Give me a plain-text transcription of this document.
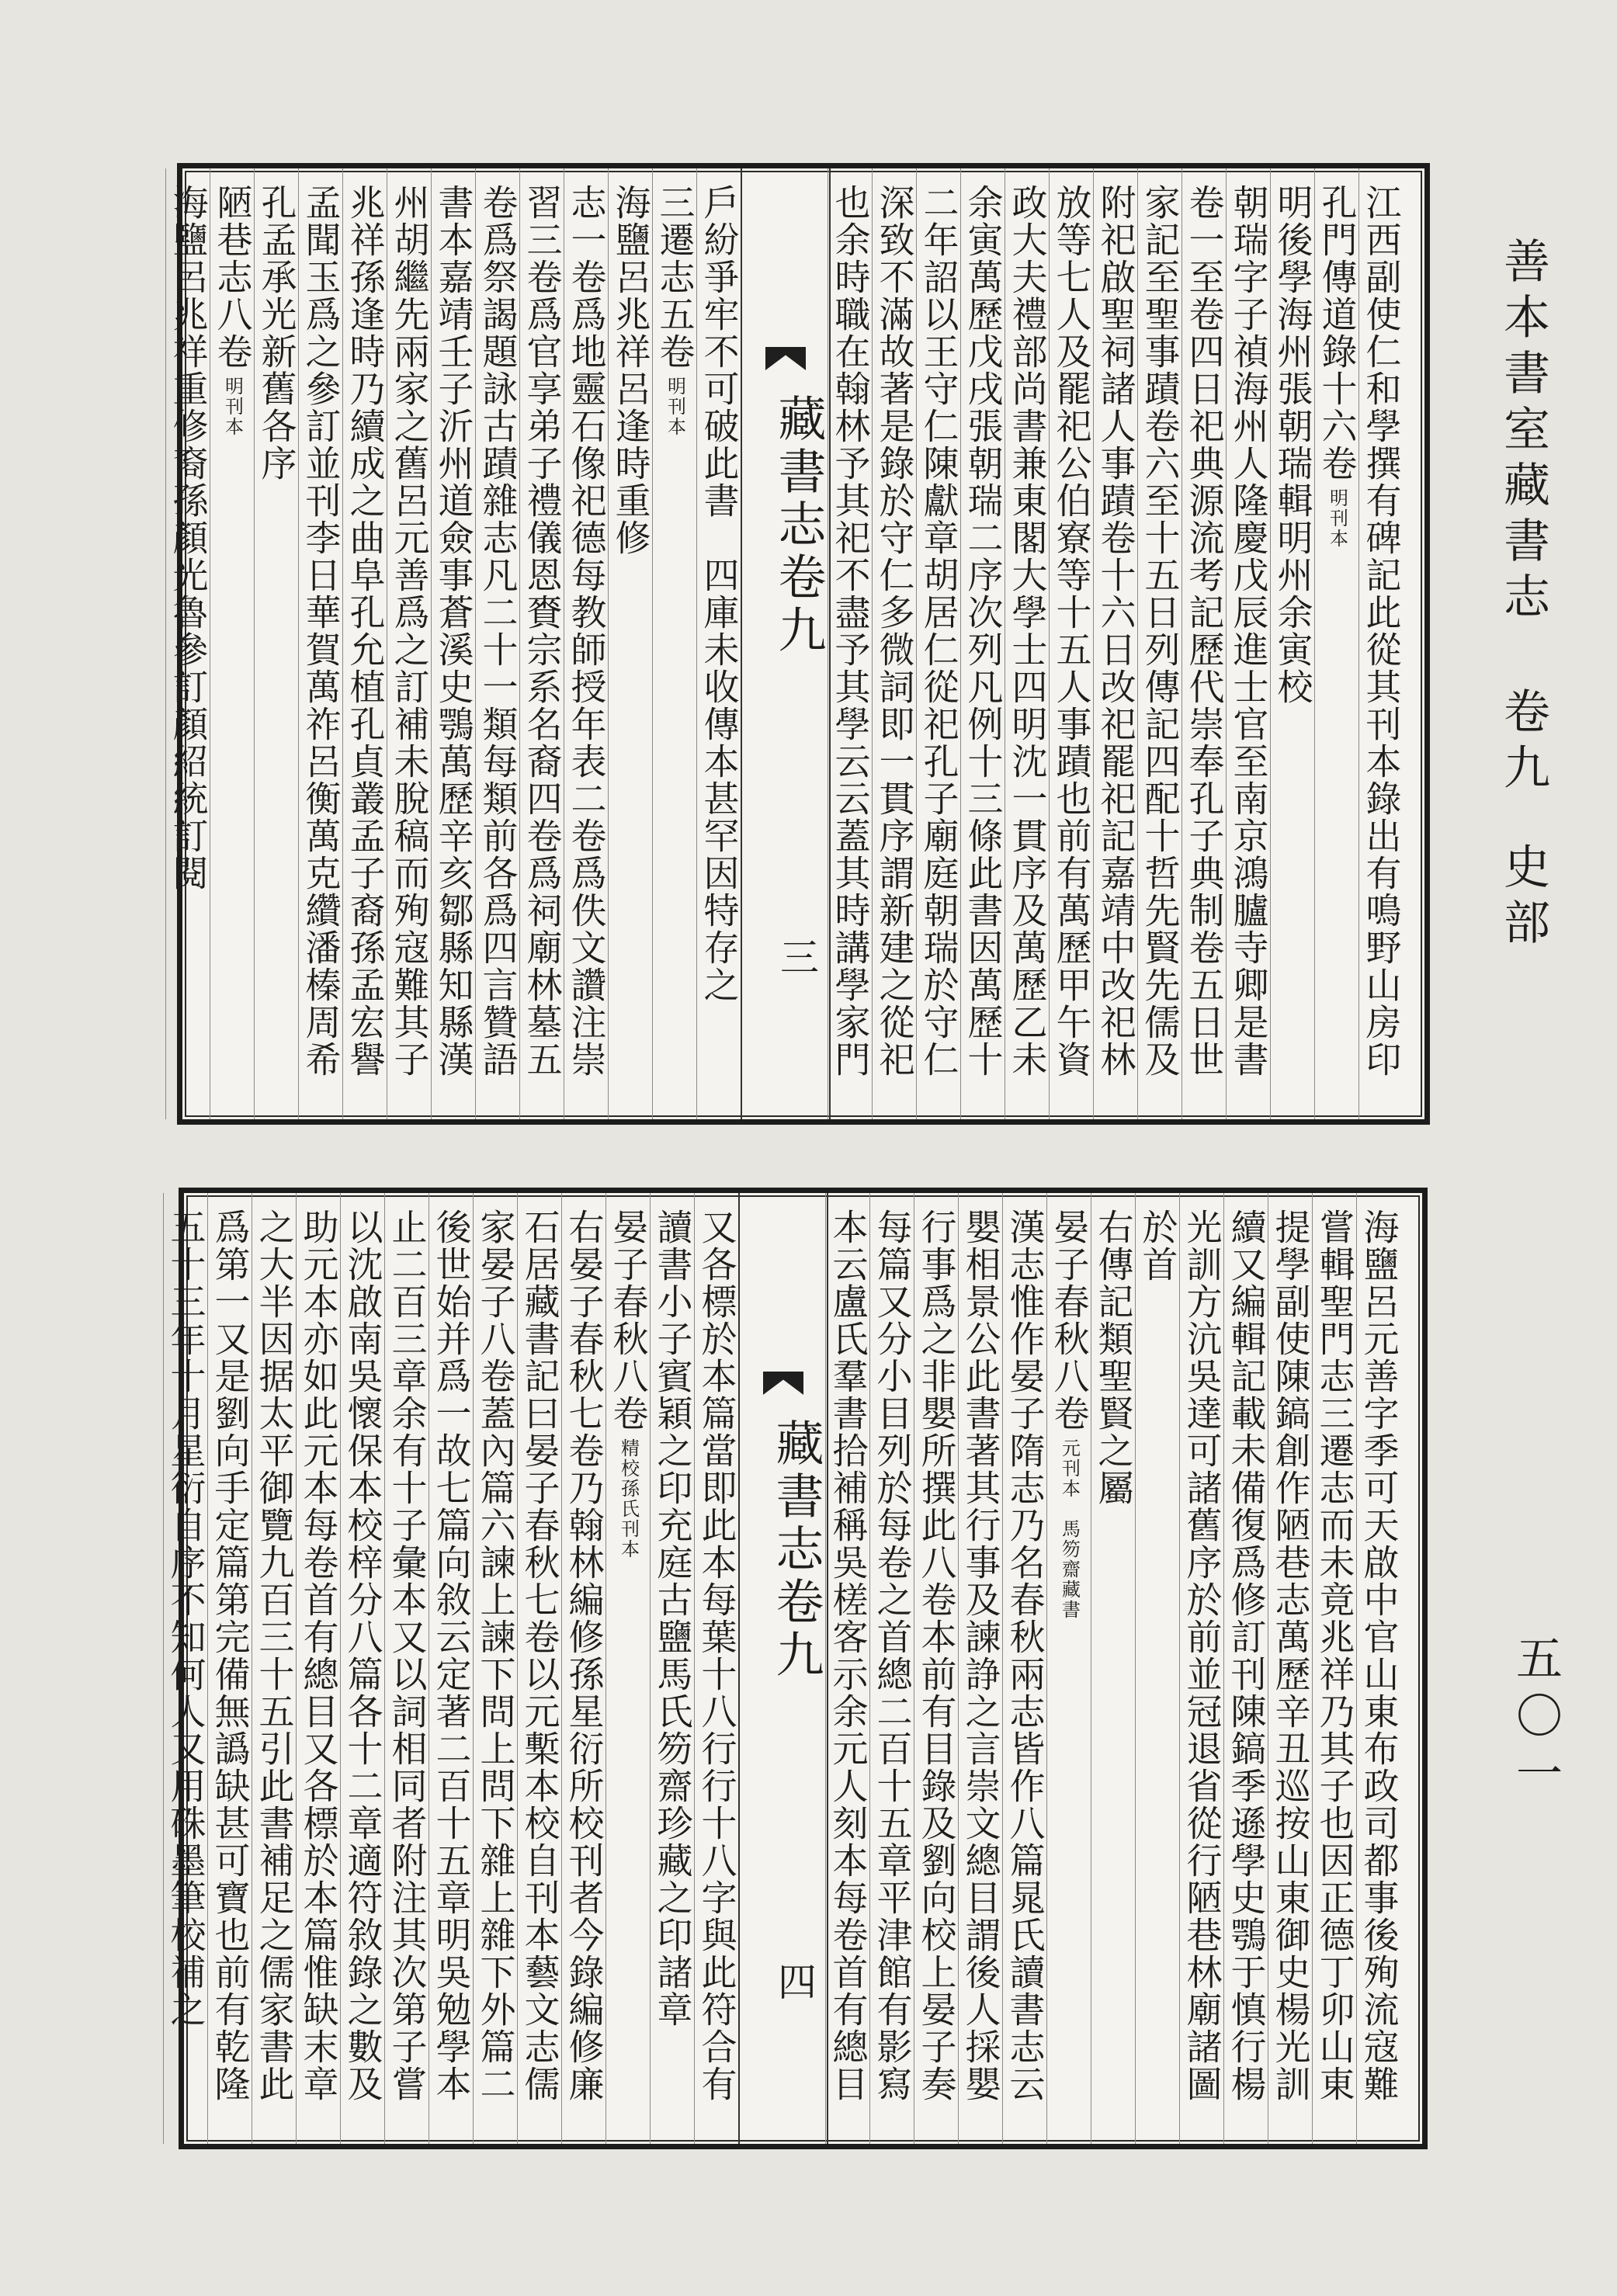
善本書室藏書志
卷九
史部
五〇一
江西副使仁和學撰有碑記此從其刊本錄出有鳴野山房印
孔門傳道錄十六卷
明刊本
明後學海州張朝瑞輯明州余寅校
朝瑞字子禎海州人隆慶戊辰進士官至南京鴻臚寺卿是書
卷一至卷四日祀典源流考記歷代崇奉孔子典制卷五日世
家記至聖事蹟卷六至十五日列傳記四配十哲先賢先儒及
附祀啟聖祠諸人事蹟卷十六日改祀罷祀記嘉靖中改祀林
放等七人及罷祀公伯寮等十五人事蹟也前有萬歷甲午資
政大夫禮部尚書兼東閣大學士四明沈一貫序及萬歷乙未
余寅萬歷戊戌張朝瑞二序次列凡例十三條此書因萬歷十
二年詔以王守仁陳獻章胡居仁從祀孔子廟庭朝瑞於守仁
深致不滿故著是錄於守仁多微詞即一貫序謂新建之從祀
也余時職在翰林予其祀不盡予其學云云蓋其時講學家門
戶紛爭牢不可破此書　四庫未收傳本甚罕因特存之
三遷志五卷
明刊本
海鹽呂兆祥呂逢時重修
志一卷爲地靈石像祀德每教師授年表二卷爲佚文讚注崇
習三卷爲官享弟子禮儀恩賚宗系名裔四卷爲祠廟林墓五
卷爲祭謁題詠古蹟雜志凡二十一類每類前各爲四言贊語
書本嘉靖壬子沂州道僉事蒼溪史鶚萬歷辛亥鄒縣知縣漢
州胡繼先兩家之舊呂元善爲之訂補未脫稿而殉寇難其子
兆祥孫逢時乃續成之曲阜孔允植孔貞叢孟子裔孫孟宏譽
孟聞玉爲之參訂並刊李日華賀萬祚呂衡萬克纘潘榛周希
孔孟承光新舊各序
陋巷志八卷
明刊本
海鹽呂兆祥重修裔孫顏光魯參訂顏紹統訂閱	藏書志卷九
三
海鹽呂元善字季可天啟中官山東布政司都事後殉流寇難
嘗輯聖門志三遷志而未竟兆祥乃其子也因正德丁卯山東
提學副使陳鎬創作陋巷志萬歷辛丑巡按山東御史楊光訓
續又編輯記載未備復爲修訂刊陳鎬季遜學史鶚于慎行楊
光訓方沆吳達可諸舊序於前並冠退省從行陋巷林廟諸圖
於首
右傳記類聖賢之屬
晏子春秋八卷
元刊本　馬笏齋藏書
漢志惟作晏子隋志乃名春秋兩志皆作八篇晁氏讀書志云
嬰相景公此書著其行事及諫諍之言崇文總目謂後人採嬰
行事爲之非嬰所撰此八卷本前有目錄及劉向校上晏子奏
每篇又分小目列於每卷之首總二百十五章平津館有影寫
本云盧氏羣書拾補稱吳槎客示余元人刻本每卷首有總目
又各標於本篇當即此本每葉十八行行十八字與此符合有
讀書小子賓穎之印充庭古鹽馬氏笏齋珍藏之印諸章
晏子春秋八卷
精校孫氏刊本
右晏子春秋七卷乃翰林編修孫星衍所校刊者今錄編修廉
石居藏書記曰晏子春秋七卷以元槧本校自刊本藝文志儒
家晏子八卷蓋內篇六諫上諫下問上問下雜上雜下外篇二
後世始并爲一故七篇向敘云定著二百十五章明吳勉學本
止二百三章余有十子彙本又以詞相同者附注其次第子嘗
以沈啟南吳懷保本校梓分八篇各十二章適符敘錄之數及
助元本亦如此元本每卷首有總目又各標於本篇惟缺末章
之大半因据太平御覽九百三十五引此書補足之儒家書此
爲第一又是劉向手定篇第完備無譌缺甚可寶也前有乾隆
五十三年十月星衍自序不知何人又用硃墨筆校補之	藏書志卷九
四
